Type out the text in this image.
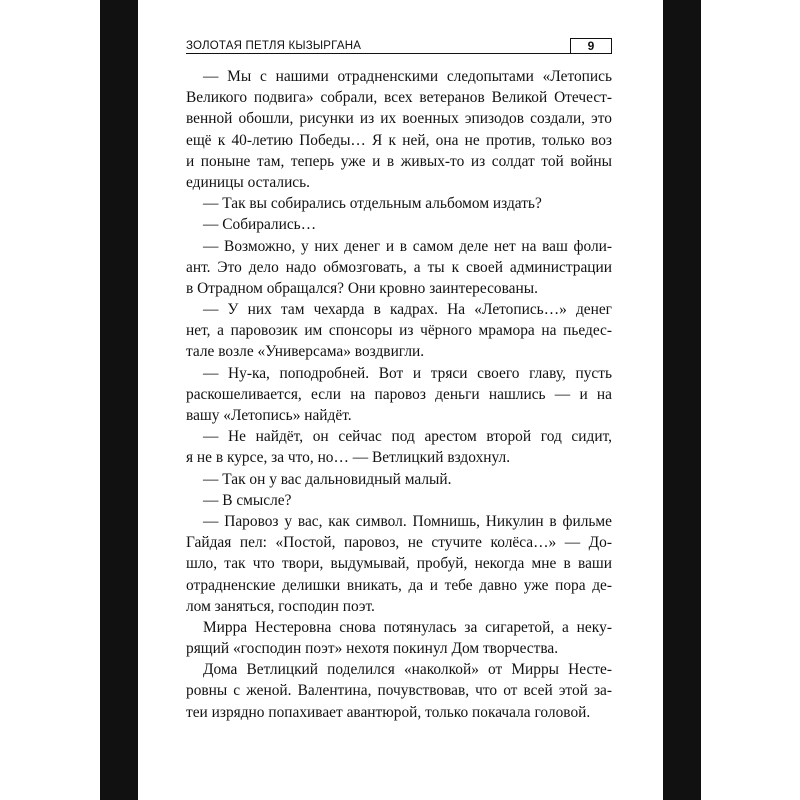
ЗОЛОТАЯ ПЕТЛЯ КЫЗЫРГАНА	9
— Мы с нашими отрадненскими следопытами «Летопись
Великого подвига» собрали, всех ветеранов Великой Отечест-
венной обошли, рисунки из их военных эпизодов создали, это
ещё к 40-летию Победы… Я к ней, она не против, только воз
и поныне там, теперь уже и в живых-то из солдат той войны
единицы остались.
— Так вы собирались отдельным альбомом издать?
— Собирались…
— Возможно, у них денег и в самом деле нет на ваш фоли-
ант. Это дело надо обмозговать, а ты к своей администрации
в Отрадном обращался? Они кровно заинтересованы.
— У них там чехарда в кадрах. На «Летопись…» денег
нет, а паровозик им спонсоры из чёрного мрамора на пьедес-
тале возле «Универсама» воздвигли.
— Ну-ка, поподробней. Вот и тряси своего главу, пусть
раскошеливается, если на паровоз деньги нашлись — и на
вашу «Летопись» найдёт.
— Не найдёт, он сейчас под арестом второй год сидит,
я не в курсе, за что, но… — Ветлицкий вздохнул.
— Так он у вас дальновидный малый.
— В смысле?
— Паровоз у вас, как символ. Помнишь, Никулин в фильме
Гайдая пел: «Постой, паровоз, не стучите колёса…» — До-
шло, так что твори, выдумывай, пробуй, некогда мне в ваши
отрадненские делишки вникать, да и тебе давно уже пора де-
лом заняться, господин поэт.
Мирра Нестеровна снова потянулась за сигаретой, а некy-
рящий «господин поэт» нехотя покинул Дом творчества.
Дома Ветлицкий поделился «наколкой» от Мирры Несте-
ровны с женой. Валентина, почувствовав, что от всей этой за-
теи изрядно попахивает авантюрой, только покачала головой.
